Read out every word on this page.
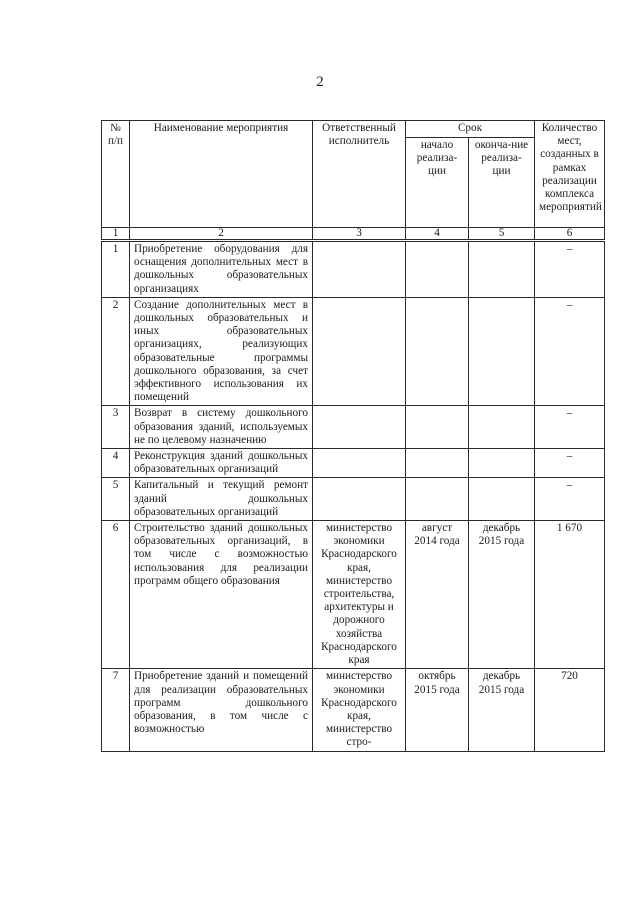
2
№ п/п	Наименование мероприятия	Ответственный исполнитель	Срок		Количество мест, созданных в рамках реализации комплекса мероприятий
			начало реализа-ции	оконча-ние реализа-ции	
1	2	3	4	5	6
1	Приобретение оборудования для оснащения дополнительных мест в дошкольных образовательных организациях				–
2	Создание дополнительных мест в дошкольных образовательных и иных образовательных организациях, реализующих образовательные программы дошкольного образования, за счет эффективного использования их помещений				–
3	Возврат в систему дошкольного образования зданий, используемых не по целевому назначению				–
4	Реконструкция зданий дошкольных образовательных организаций				–
5	Капитальный и текущий ремонт зданий дошкольных образовательных организаций				–
6	Строительство зданий дошкольных образовательных организаций, в том числе с возможностью использования для реализации программ общего образования	министерство экономики Краснодарского края, министерство строительства, архитектуры и дорожного хозяйства Краснодарского края	август 2014 года	декабрь 2015 года	1 670
7	Приобретение зданий и помещений для реализации образовательных программ дошкольного образования, в том числе с возможностью	министерство экономики Краснодарского края, министерство стро-	октябрь 2015 года	декабрь 2015 года	720
